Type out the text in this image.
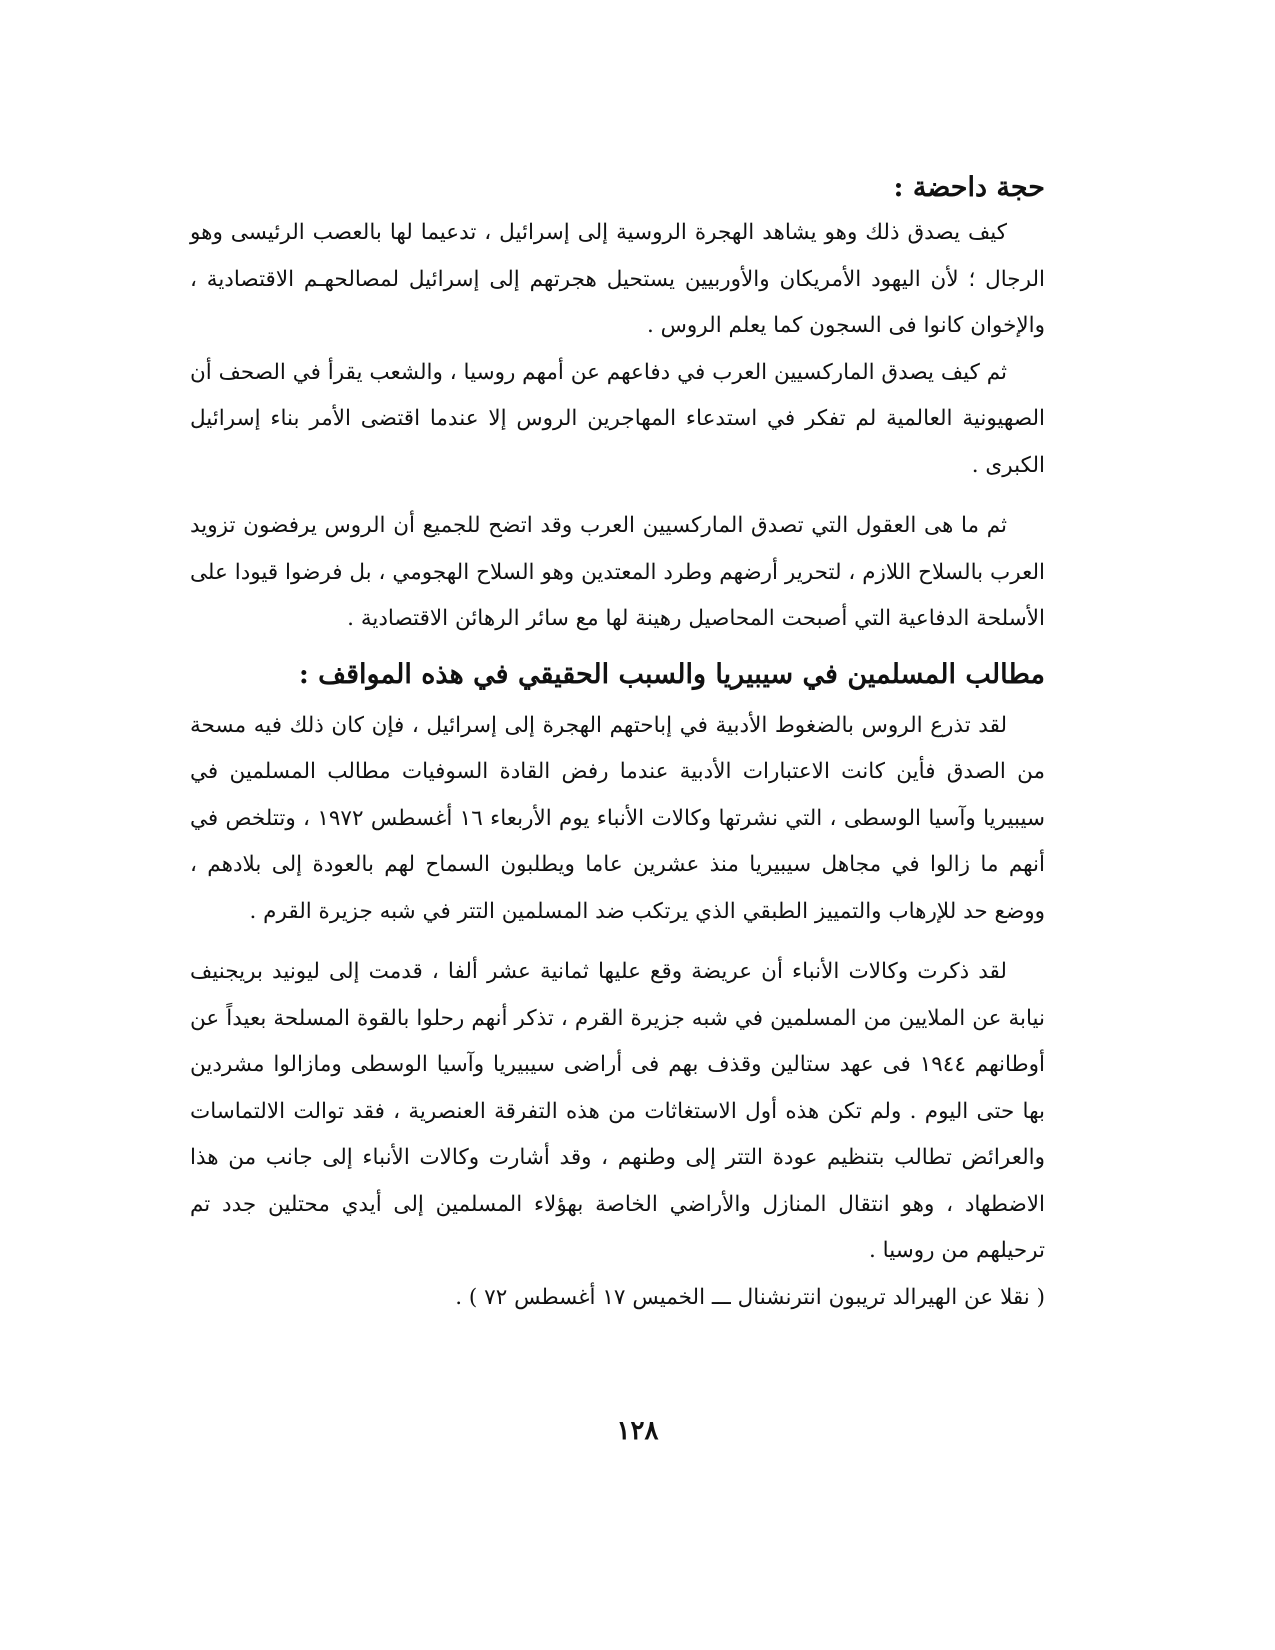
حجة داحضة :

كيف يصدق ذلك وهو يشاهد الهجرة الروسية إلى إسرائيل ، تدعيما لها بالعصب الرئيسى وهو الرجال ؛ لأن اليهود الأمريكان والأوربيين يستحيل هجرتهم إلى إسرائيل لمصالحهـم الاقتصادية ، والإخوان كانوا فى السجون كما يعلم الروس .

ثم كيف يصدق الماركسيين العرب في دفاعهم عن أمهم روسيا ، والشعب يقرأ في الصحف أن الصهيونية العالمية لم تفكر في استدعاء المهاجرين الروس إلا عندما اقتضى الأمر بناء إسرائيل الكبرى .

ثم ما هى العقول التي تصدق الماركسيين العرب وقد اتضح للجميع أن الروس يرفضون تزويد العرب بالسلاح اللازم ، لتحرير أرضهم وطرد المعتدين وهو السلاح الهجومي ، بل فرضوا قيودا على الأسلحة الدفاعية التي أصبحت المحاصيل رهينة لها مع سائر الرهائن الاقتصادية .

مطالب المسلمين في سيبيريا والسبب الحقيقي في هذه المواقف :

لقد تذرع الروس بالضغوط الأدبية في إباحتهم الهجرة إلى إسرائيل ، فإن كان ذلك فيه مسحة من الصدق فأين كانت الاعتبارات الأدبية عندما رفض القادة السوفيات مطالب المسلمين في سيبيريا وآسيا الوسطى ، التي نشرتها وكالات الأنباء يوم الأربعاء ١٦ أغسطس ١٩٧٢ ، وتتلخص في أنهم ما زالوا في مجاهل سيبيريا منذ عشرين عاما ويطلبون السماح لهم بالعودة إلى بلادهم ، ووضع حد للإرهاب والتمييز الطبقي الذي يرتكب ضد المسلمين التتر في شبه جزيرة القرم .

لقد ذكرت وكالات الأنباء أن عريضة وقع عليها ثمانية عشر ألفا ، قدمت إلى ليونيد بريجنيف نيابة عن الملايين من المسلمين في شبه جزيرة القرم ، تذكر أنهم رحلوا بالقوة المسلحة بعيداً عن أوطانهم ١٩٤٤ فى عهد ستالين وقذف بهم فى أراضى سيبيريا وآسيا الوسطى ومازالوا مشردين بها حتى اليوم . ولم تكن هذه أول الاستغاثات من هذه التفرقة العنصرية ، فقد توالت الالتماسات والعرائض تطالب بتنظيم عودة التتر إلى وطنهم ، وقد أشارت وكالات الأنباء إلى جانب من هذا الاضطهاد ، وهو انتقال المنازل والأراضي الخاصة بهؤلاء المسلمين إلى أيدي محتلين جدد تم ترحيلهم من روسيا .

( نقلا عن الهيرالد تريبون انترنشنال ـــ الخميس ١٧ أغسطس ٧٢ ) .

١٢٨
